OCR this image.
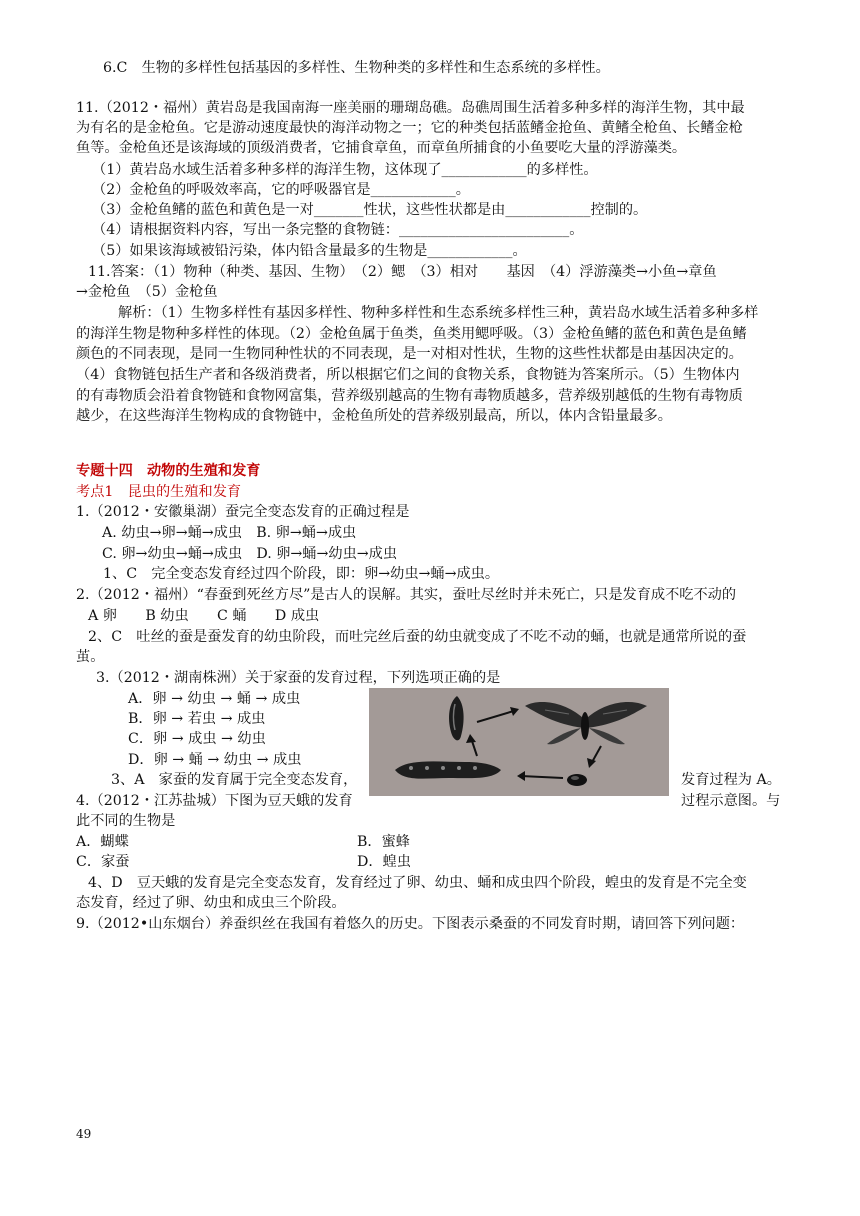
6.C　生物的多样性包括基因的多样性、生物种类的多样性和生态系统的多样性。
11.（2012・福州）黄岩岛是我国南海一座美丽的珊瑚岛礁。岛礁周围生活着多种多样的海洋生物，其中最
为有名的是金枪鱼。它是游动速度最快的海洋动物之一；它的种类包括蓝鳍金抢鱼、黄鳍全枪鱼、长鳍金枪
鱼等。金枪鱼还是该海域的顶级消费者，它捕食章鱼，而章鱼所捕食的小鱼要吃大量的浮游藻类。
（1）黄岩岛水域生活着多种多样的海洋生物，这体现了____________的多样性。
（2）金枪鱼的呼吸效率高，它的呼吸器官是____________。
（3）金枪鱼鳍的蓝色和黄色是一对_______性状，这些性状都是由____________控制的。
（4）请根据资料内容，写出一条完整的食物链：________________________。
（5）如果该海域被铅污染，体内铅含量最多的生物是____________。
11.答案：（1）物种（种类、基因、生物）　（2）鳃　（3）相对　　基因　（4）浮游藻类→小鱼→章鱼
→金枪鱼　（5）金枪鱼
解析：（1）生物多样性有基因多样性、物种多样性和生态系统多样性三种，黄岩岛水域生活着多种多样
的海洋生物是物种多样性的体现。（2）金枪鱼属于鱼类，鱼类用鳃呼吸。（3）金枪鱼鳍的蓝色和黄色是鱼鳍
颜色的不同表现，是同一生物同种性状的不同表现，是一对相对性状，生物的这些性状都是由基因决定的。
（4）食物链包括生产者和各级消费者，所以根据它们之间的食物关系，食物链为答案所示。（5）生物体内
的有毒物质会沿着食物链和食物网富集，营养级别越高的生物有毒物质越多，营养级别越低的生物有毒物质
越少，在这些海洋生物构成的食物链中，金枪鱼所处的营养级别最高，所以，体内含铅量最多。
专题十四　动物的生殖和发育
考点1　昆虫的生殖和发育
1.（2012・安徽巢湖）蚕完全变态发育的正确过程是
A. 幼虫→卵→蛹→成虫　B. 卵→蛹→成虫
C. 卵→幼虫→蛹→成虫　D. 卵→蛹→幼虫→成虫
1、C　完全变态发育经过四个阶段，即：卵→幼虫→蛹→成虫。
2.（2012・福州）“春蚕到死丝方尽”是古人的误解。其实，蚕吐尽丝时并未死亡，只是发育成不吃不动的
A 卵　　B 幼虫　　C 蛹　　D 成虫
2、C　吐丝的蚕是蚕发育的幼虫阶段，而吐完丝后蚕的幼虫就变成了不吃不动的蛹，也就是通常所说的蚕
茧。
3.（2012・湖南株洲）关于家蚕的发育过程，下列选项正确的是
A．卵 → 幼虫 → 蛹 → 成虫
B．卵 → 若虫 → 成虫
C．卵 → 成虫 → 幼虫
D．卵 → 蛹 → 幼虫 → 成虫
3、A　家蚕的发育属于完全变态发育，	发育过程为 A。
4.（2012・江苏盐城）下图为豆天蛾的发育	过程示意图。与
此不同的生物是
A．蝴蝶	B．蜜蜂
C．家蚕	D．蝗虫
4、D　豆天蛾的发育是完全变态发育，发育经过了卵、幼虫、蛹和成虫四个阶段，蝗虫的发育是不完全变
态发育，经过了卵、幼虫和成虫三个阶段。
9.（2012•山东烟台）养蚕织丝在我国有着悠久的历史。下图表示桑蚕的不同发育时期，请回答下列问题：
49
